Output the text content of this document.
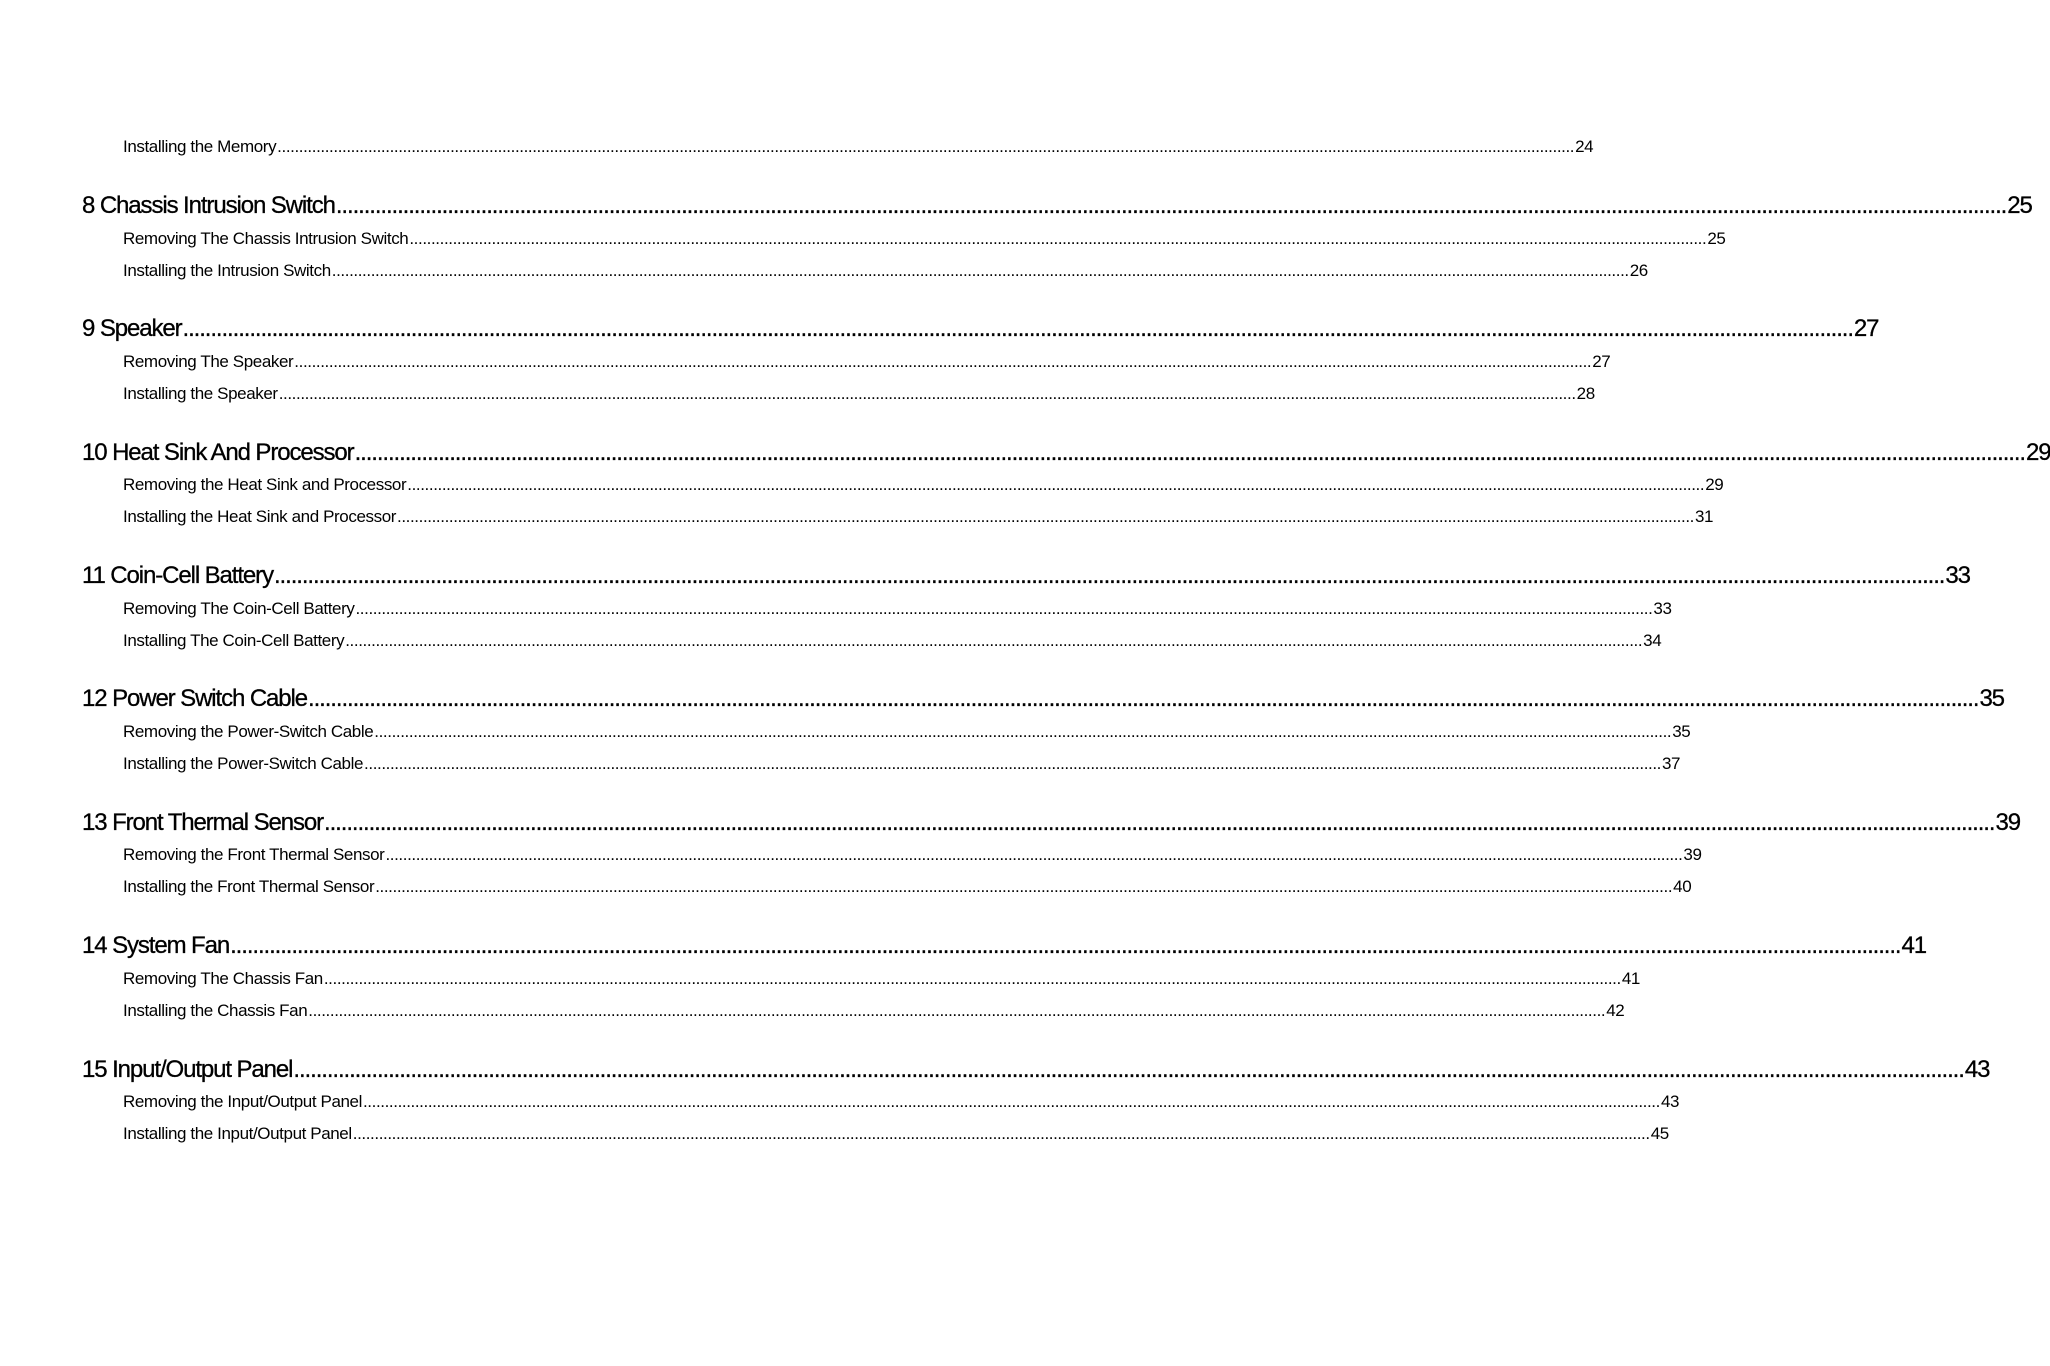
Installing the Memory ............................................................................................................................................................................................................................................................................................................ 24
8 Chassis Intrusion Switch ............................................................................................................................................................................................................................................................................................................ 25
Removing The Chassis Intrusion Switch ............................................................................................................................................................................................................................................................................................................ 25
Installing the Intrusion Switch ............................................................................................................................................................................................................................................................................................................ 26
9 Speaker ............................................................................................................................................................................................................................................................................................................ 27
Removing The Speaker ............................................................................................................................................................................................................................................................................................................ 27
Installing the Speaker ............................................................................................................................................................................................................................................................................................................ 28
10 Heat Sink And Processor ............................................................................................................................................................................................................................................................................................................ 29
Removing the Heat Sink and Processor ............................................................................................................................................................................................................................................................................................................ 29
Installing the Heat Sink and Processor ............................................................................................................................................................................................................................................................................................................ 31
11 Coin-Cell Battery ............................................................................................................................................................................................................................................................................................................ 33
Removing The Coin-Cell Battery ............................................................................................................................................................................................................................................................................................................ 33
Installing The Coin-Cell Battery ............................................................................................................................................................................................................................................................................................................ 34
12 Power Switch Cable ............................................................................................................................................................................................................................................................................................................ 35
Removing the Power-Switch Cable ............................................................................................................................................................................................................................................................................................................ 35
Installing the Power-Switch Cable ............................................................................................................................................................................................................................................................................................................ 37
13 Front Thermal Sensor ............................................................................................................................................................................................................................................................................................................ 39
Removing the Front Thermal Sensor ............................................................................................................................................................................................................................................................................................................ 39
Installing the Front Thermal Sensor ............................................................................................................................................................................................................................................................................................................ 40
14 System Fan ............................................................................................................................................................................................................................................................................................................ 41
Removing The Chassis Fan ............................................................................................................................................................................................................................................................................................................ 41
Installing the Chassis Fan ............................................................................................................................................................................................................................................................................................................ 42
15 Input/Output Panel ............................................................................................................................................................................................................................................................................................................ 43
Removing the Input/Output Panel ............................................................................................................................................................................................................................................................................................................ 43
Installing the Input/Output Panel ............................................................................................................................................................................................................................................................................................................ 45
